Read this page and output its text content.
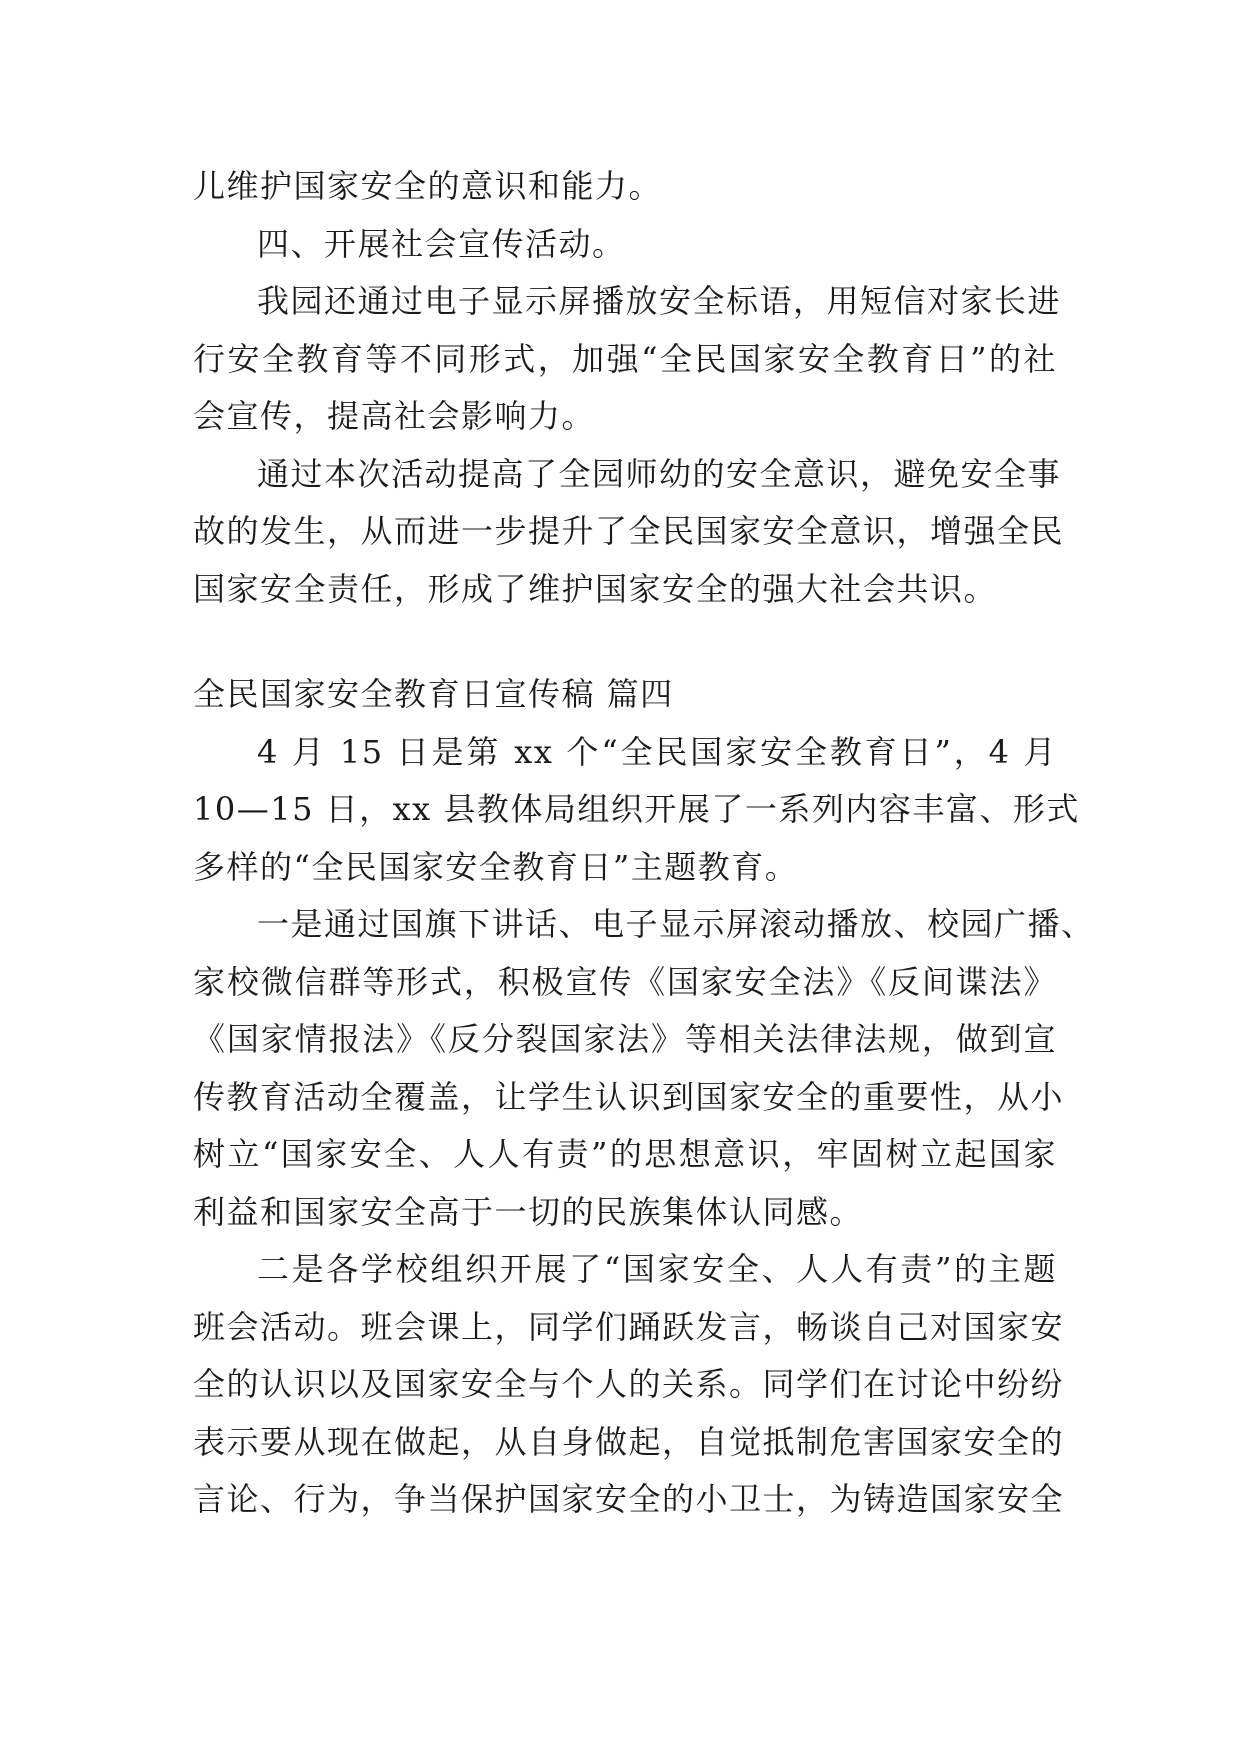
儿维护国家安全的意识和能力。

四、开展社会宣传活动。

我园还通过电子显示屏播放安全标语，用短信对家长进
行安全教育等不同形式，加强“全民国家安全教育日”的社
会宣传，提高社会影响力。

通过本次活动提高了全园师幼的安全意识，避免安全事
故的发生，从而进一步提升了全民国家安全意识，增强全民
国家安全责任，形成了维护国家安全的强大社会共识。

全民国家安全教育日宣传稿 篇四

4 月 15 日是第 xx 个“全民国家安全教育日”，4 月
10—15 日，xx 县教体局组织开展了一系列内容丰富、形式
多样的“全民国家安全教育日”主题教育。

一是通过国旗下讲话、电子显示屏滚动播放、校园广播、
家校微信群等形式，积极宣传《国家安全法》《反间谍法》
《国家情报法》《反分裂国家法》等相关法律法规，做到宣
传教育活动全覆盖，让学生认识到国家安全的重要性，从小
树立“国家安全、人人有责”的思想意识，牢固树立起国家
利益和国家安全高于一切的民族集体认同感。

二是各学校组织开展了“国家安全、人人有责”的主题
班会活动。班会课上，同学们踊跃发言，畅谈自己对国家安
全的认识以及国家安全与个人的关系。同学们在讨论中纷纷
表示要从现在做起，从自身做起，自觉抵制危害国家安全的
言论、行为，争当保护国家安全的小卫士，为铸造国家安全
